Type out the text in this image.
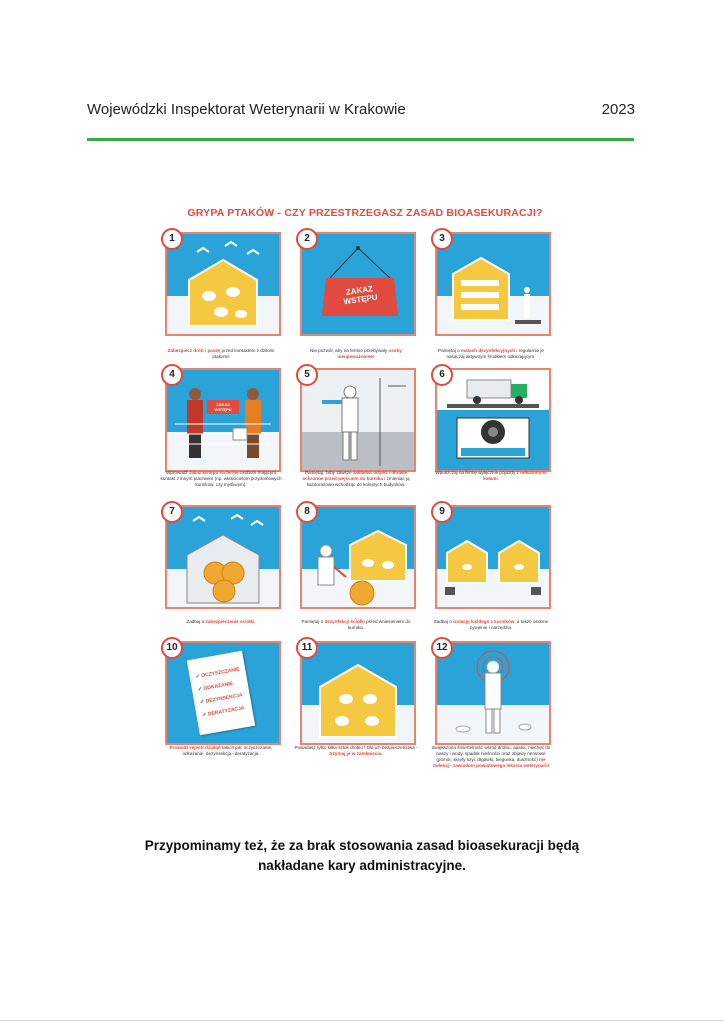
Wojewódzki Inspektorat Weterynarii w Krakowie	2023
GRYPA PTAKÓW - CZY PRZESTRZEGASZ ZASAD BIOASEKURACJI?
1
Zabezpiecz drób i paszę przed kontaktem z dzikimi ptakami!
2
ZAKAZ WSTĘPU
Nie pozwól, aby na fermie przebywały osoby nieupoważnione!
3
Pamiętaj o matach dezynfekcyjnych i regularnie je nasączaj aktywnym środkiem odkażającym.
4
ZAKAZ WSTĘPU
Wprowadź zakaz wstępu na fermę osobom mającym kontakt z innym ptactwem (np. właścicielom przydomowych kurników, czy myśliwym).
5
Pamiętaj, żeby zawsze zakładać odzież i obuwie ochronne przed wejściem do kurnika i zmieniać ją każdorazowo wchodząc do kolejnych budynków.
6
Wpuszczaj na fermę wyłącznie pojazdy z odkażonymi kołami.
7
Zadbaj o zabezpieczenie ściółki.
8
Pamiętaj o dezynfekcji ściółki przed wniesieniem do kurnika.
9
Zadbaj o izolację każdego z kurników, a także osobne żywienie i narzędzia.
10
✔ OCZYSZCZANIE
✔ ODKAŻANIE
✔ DEZYNSEKCJA
✔ DERATYZACJA
Prowadź rejestr działań takich jak: oczyszczanie, odkażanie, dezynsekcja i deratyzacja.
11
Posiadasz tylko kilka sztuk drobiu? Dla ich bezpieczeństwa - trzymaj je w zamknięciu.
12
Zwiększona śmiertelność wśród drobiu, apatia, niechęć do paszy i wody, spadek nieśności oraz objawy nerwowe (pomór, skręty szyi, drgawki, biegunka, duszność) nie zwlekaj - zawiadom powiatowego lekarza weterynarii!
Przypominamy też, że za brak stosowania zasad bioasekuracji będą
nakładane kary administracyjne.
